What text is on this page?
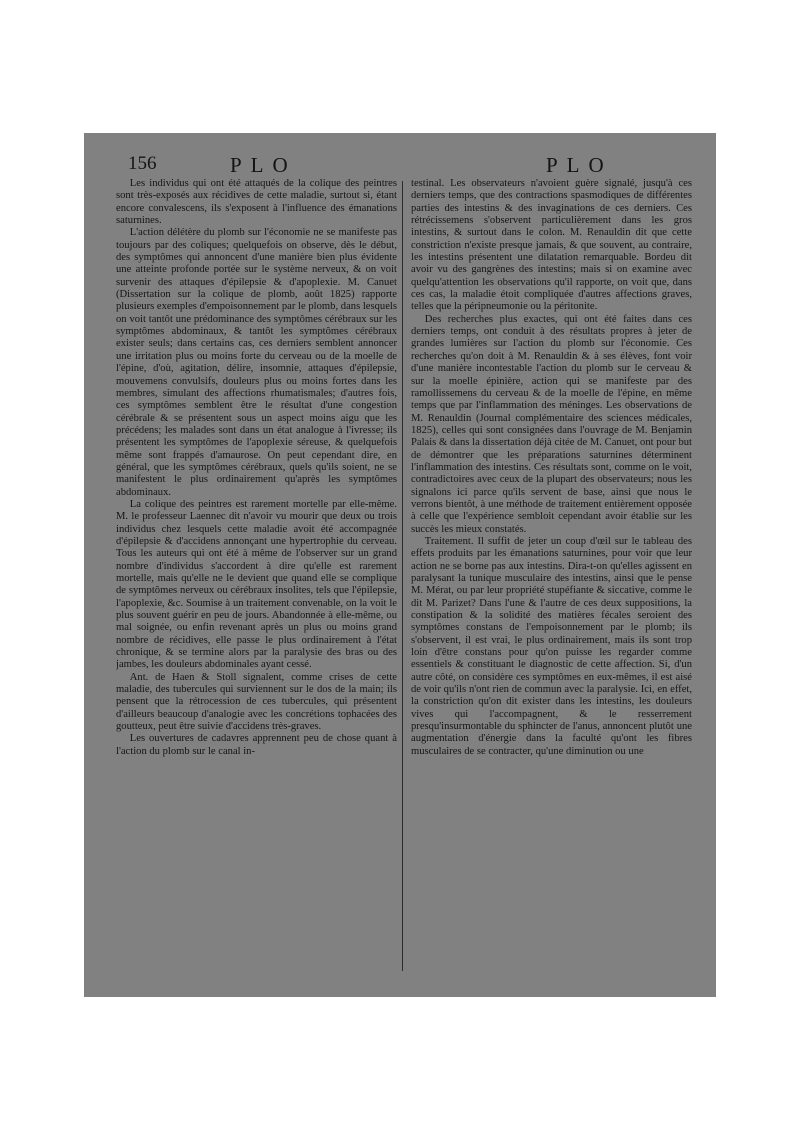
156	PLO	PLO

Les individus qui ont été attaqués de la colique des peintres sont très-exposés aux récidives de cette maladie, surtout si, étant encore convalescens, ils s'exposent à l'influence des émanations saturnines.

L'action délétère du plomb sur l'économie ne se manifeste pas toujours par des coliques; quelquefois on observe, dès le début, des symptômes qui annoncent d'une manière bien plus évidente une atteinte profonde portée sur le système nerveux, & on voit survenir des attaques d'épilepsie & d'apoplexie. M. Canuet (Dissertation sur la colique de plomb, août 1825) rapporte plusieurs exemples d'empoisonnement par le plomb, dans lesquels on voit tantôt une prédominance des symptômes cérébraux sur les symptômes abdominaux, & tantôt les symptômes cérébraux exister seuls; dans certains cas, ces derniers semblent annoncer une irritation plus ou moins forte du cerveau ou de la moelle de l'épine, d'où, agitation, délire, insomnie, attaques d'épilepsie, mouvemens convulsifs, douleurs plus ou moins fortes dans les membres, simulant des affections rhumatismales; d'autres fois, ces symptômes semblent être le résultat d'une congestion cérébrale & se présentent sous un aspect moins aigu que les précédens; les malades sont dans un état analogue à l'ivresse; ils présentent les symptômes de l'apoplexie séreuse, & quelquefois même sont frappés d'amaurose. On peut cependant dire, en général, que les symptômes cérébraux, quels qu'ils soient, ne se manifestent le plus ordinairement qu'après les symptômes abdominaux.

La colique des peintres est rarement mortelle par elle-même. M. le professeur Laennec dit n'avoir vu mourir que deux ou trois individus chez lesquels cette maladie avoit été accompagnée d'épilepsie & d'accidens annonçant une hypertrophie du cerveau. Tous les auteurs qui ont été à même de l'observer sur un grand nombre d'individus s'accordent à dire qu'elle est rarement mortelle, mais qu'elle ne le devient que quand elle se complique de symptômes nerveux ou cérébraux insolites, tels que l'épilepsie, l'apoplexie, &c. Soumise à un traitement convenable, on la voit le plus souvent guérir en peu de jours. Abandonnée à elle-même, ou mal soignée, ou enfin revenant après un plus ou moins grand nombre de récidives, elle passe le plus ordinairement à l'état chronique, & se termine alors par la paralysie des bras ou des jambes, les douleurs abdominales ayant cessé.

Ant. de Haen & Stoll signalent, comme crises de cette maladie, des tubercules qui surviennent sur le dos de la main; ils pensent que la rétrocession de ces tubercules, qui présentent d'ailleurs beaucoup d'analogie avec les concrétions tophacées des goutteux, peut être suivie d'accidens très-graves.

Les ouvertures de cadavres apprennent peu de chose quant à l'action du plomb sur le canal in-

testinal. Les observateurs n'avoient guère signalé, jusqu'à ces derniers temps, que des contractions spasmodiques de différentes parties des intestins & des invaginations de ces derniers. Ces rétrécissemens s'observent particulièrement dans les gros intestins, & surtout dans le colon. M. Renauldin dit que cette constriction n'existe presque jamais, & que souvent, au contraire, les intestins présentent une dilatation remarquable. Bordeu dit avoir vu des gangrènes des intestins; mais si on examine avec quelqu'attention les observations qu'il rapporte, on voit que, dans ces cas, la maladie étoit compliquée d'autres affections graves, telles que la péripneumonie ou la péritonite.

Des recherches plus exactes, qui ont été faites dans ces derniers temps, ont conduit à des résultats propres à jeter de grandes lumières sur l'action du plomb sur l'économie. Ces recherches qu'on doit à M. Renauldin & à ses élèves, font voir d'une manière incontestable l'action du plomb sur le cerveau & sur la moelle épinière, action qui se manifeste par des ramollissemens du cerveau & de la moelle de l'épine, en même temps que par l'inflammation des méninges. Les observations de M. Renauldin (Journal complémentaire des sciences médicales, 1825), celles qui sont consignées dans l'ouvrage de M. Benjamin Palais & dans la dissertation déjà citée de M. Canuet, ont pour but de démontrer que les préparations saturnines déterminent l'inflammation des intestins. Ces résultats sont, comme on le voit, contradictoires avec ceux de la plupart des observateurs; nous les signalons ici parce qu'ils servent de base, ainsi que nous le verrons bientôt, à une méthode de traitement entièrement opposée à celle que l'expérience sembloit cependant avoir établie sur les succès les mieux constatés.

Traitement. Il suffit de jeter un coup d'œil sur le tableau des effets produits par les émanations saturnines, pour voir que leur action ne se borne pas aux intestins. Dira-t-on qu'elles agissent en paralysant la tunique musculaire des intestins, ainsi que le pense M. Mérat, ou par leur propriété stupéfiante & siccative, comme le dit M. Parizet? Dans l'une & l'autre de ces deux suppositions, la constipation & la solidité des matières fécales seroient des symptômes constans de l'empoisonnement par le plomb; ils s'observent, il est vrai, le plus ordinairement, mais ils sont trop loin d'être constans pour qu'on puisse les regarder comme essentiels & constituant le diagnostic de cette affection. Si, d'un autre côté, on considère ces symptômes en eux-mêmes, il est aisé de voir qu'ils n'ont rien de commun avec la paralysie. Ici, en effet, la constriction qu'on dit exister dans les intestins, les douleurs vives qui l'accompagnent, & le resserrement presqu'insurmontable du sphincter de l'anus, annoncent plutôt une augmentation d'énergie dans la faculté qu'ont les fibres musculaires de se contracter, qu'une diminution ou une
